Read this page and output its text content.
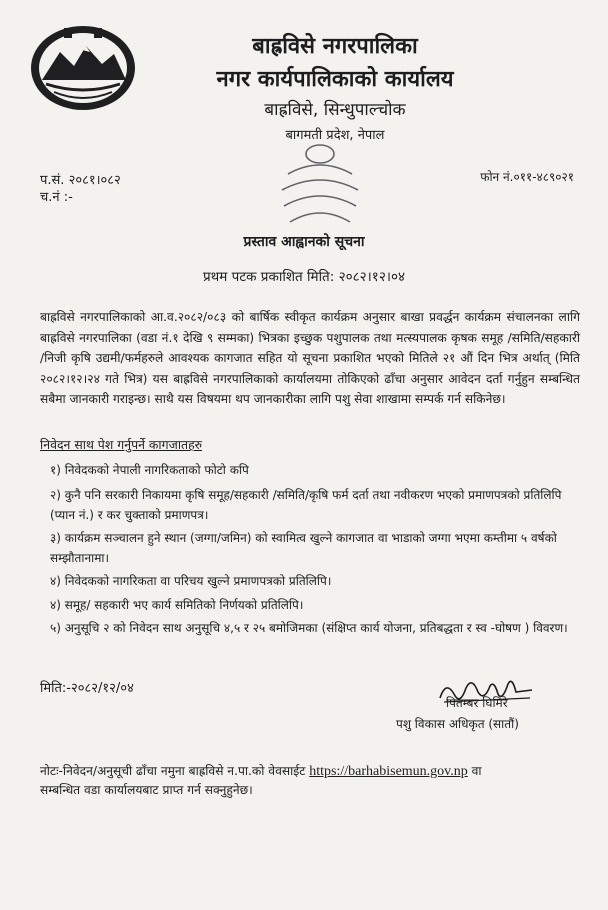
बाह्रविसे नगरपालिका
नगर कार्यपालिकाको कार्यालय
बाह्रविसे, सिन्धुपाल्चोक
बागमती प्रदेश, नेपाल
प.सं. २०८१।०८२
च.नं :-
फोन नं.०११-४८९०२१
प्रस्ताव आह्वानको सूचना
प्रथम पटक प्रकाशित मिति: २०८२।१२।०४

बाह्रविसे नगरपालिकाको आ.व.२०८२/०८३ को बार्षिक स्वीकृत कार्यक्रम अनुसार बाखा प्रवर्द्धन कार्यक्रम संचालनका लागि बाह्रविसे नगरपालिका (वडा नं.१ देखि ९ सम्मका) भित्रका इच्छुक पशुपालक तथा मत्स्यपालक कृषक समूह /समिति/सहकारी /निजी कृषि उद्यमी/फर्महरुले आवश्यक कागजात सहित यो सूचना प्रकाशित भएको मितिले २१ औं दिन भित्र अर्थात् (मिति २०८२।१२।२४ गते भित्र) यस बाह्रविसे नगरपालिकाको कार्यालयमा तोकिएको ढाँचा अनुसार आवेदन दर्ता गर्नुहुन सम्बन्धित सबैमा जानकारी गराइन्छ। साथै यस विषयमा थप जानकारीका लागि पशु सेवा शाखामा सम्पर्क गर्न सकिनेछ।

निवेदन साथ पेश गर्नुपर्ने कागजातहरु

१) निवेदकको नेपाली नागरिकताको फोटो कपि

२) कुनै पनि सरकारी निकायमा कृषि समूह/सहकारी /समिति/कृषि फर्म दर्ता तथा नवीकरण भएको प्रमाणपत्रको प्रतिलिपि (प्यान नं.) र कर चुक्ताको प्रमाणपत्र।

३) कार्यक्रम सञ्चालन हुने स्थान (जग्गा/जमिन) को स्वामित्व खुल्ने कागजात वा भाडाको जग्गा भएमा कम्तीमा ५ वर्षको सम्झौतानामा।

४) निवेदकको नागरिकता वा परिचय खुल्ने प्रमाणपत्रको प्रतिलिपि।

४) समूह/ सहकारी भए कार्य समितिको निर्णयको प्रतिलिपि।

५) अनुसूचि २ को निवेदन साथ अनुसूचि ४,५ र २५ बमोजिमका (संक्षिप्त कार्य योजना, प्रतिबद्धता र स्व -घोषण ) विवरण।

मिति:-२०८२/१२/०४
पितम्बर घिमिरे
पशु विकास अधिकृत (सातौं)
नोटः-निवेदन/अनुसूची ढाँचा नमुना बाह्रविसे न.पा.को वेवसाईट https://barhabisemun.gov.np वा
सम्बन्धित वडा कार्यालयबाट प्राप्त गर्न सक्नुहुनेछ।
